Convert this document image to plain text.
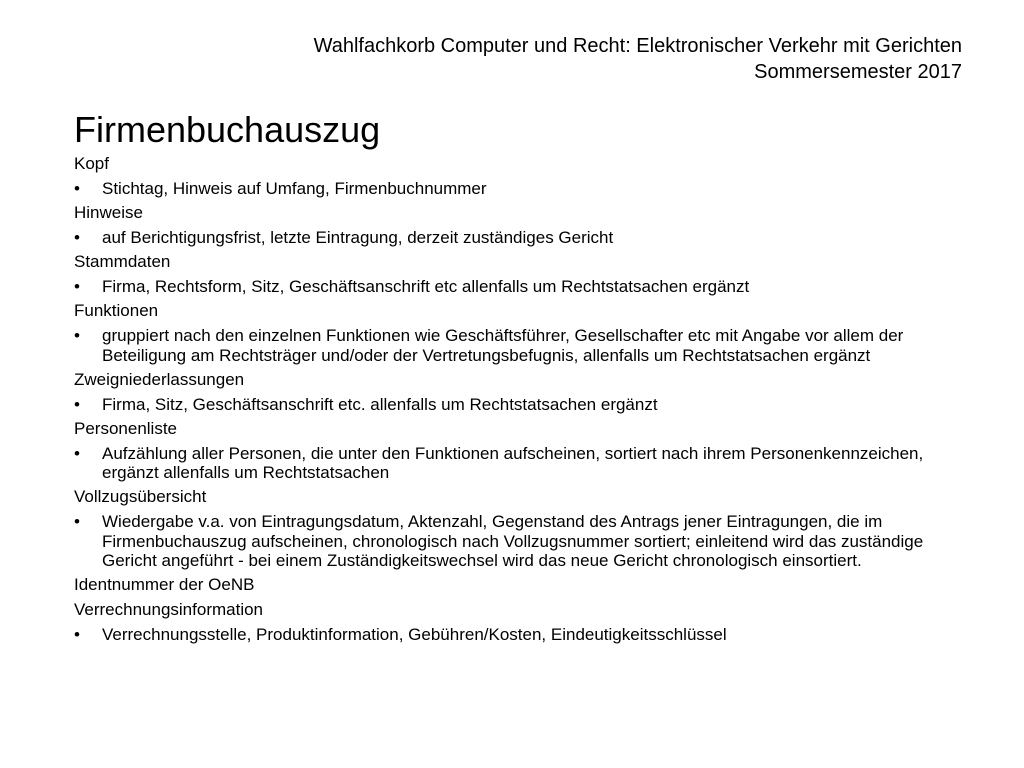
Wahlfachkorb Computer und Recht: Elektronischer Verkehr mit Gerichten
Sommersemester 2017
Firmenbuchauszug
Kopf
• Stichtag, Hinweis auf Umfang, Firmenbuchnummer
Hinweise
• auf Berichtigungsfrist, letzte Eintragung, derzeit zuständiges Gericht
Stammdaten
• Firma, Rechtsform, Sitz, Geschäftsanschrift etc allenfalls um Rechtstatsachen ergänzt
Funktionen
• gruppiert nach den einzelnen Funktionen wie Geschäftsführer, Gesellschafter etc mit Angabe vor allem der Beteiligung am Rechtsträger und/oder der Vertretungsbefugnis, allenfalls um Rechtstatsachen ergänzt
Zweigniederlassungen
• Firma, Sitz, Geschäftsanschrift etc. allenfalls um Rechtstatsachen ergänzt
Personenliste
• Aufzählung aller Personen, die unter den Funktionen aufscheinen, sortiert nach ihrem Personenkennzeichen, ergänzt allenfalls um Rechtstatsachen
Vollzugsübersicht
• Wiedergabe v.a. von Eintragungsdatum, Aktenzahl, Gegenstand des Antrags jener Eintragungen, die im Firmenbuchauszug aufscheinen, chronologisch nach Vollzugsnummer sortiert; einleitend wird das zuständige Gericht angeführt - bei einem Zuständigkeitswechsel wird das neue Gericht chronologisch einsortiert.
Identnummer der OeNB
Verrechnungsinformation
• Verrechnungsstelle, Produktinformation, Gebühren/Kosten, Eindeutigkeitsschlüssel
